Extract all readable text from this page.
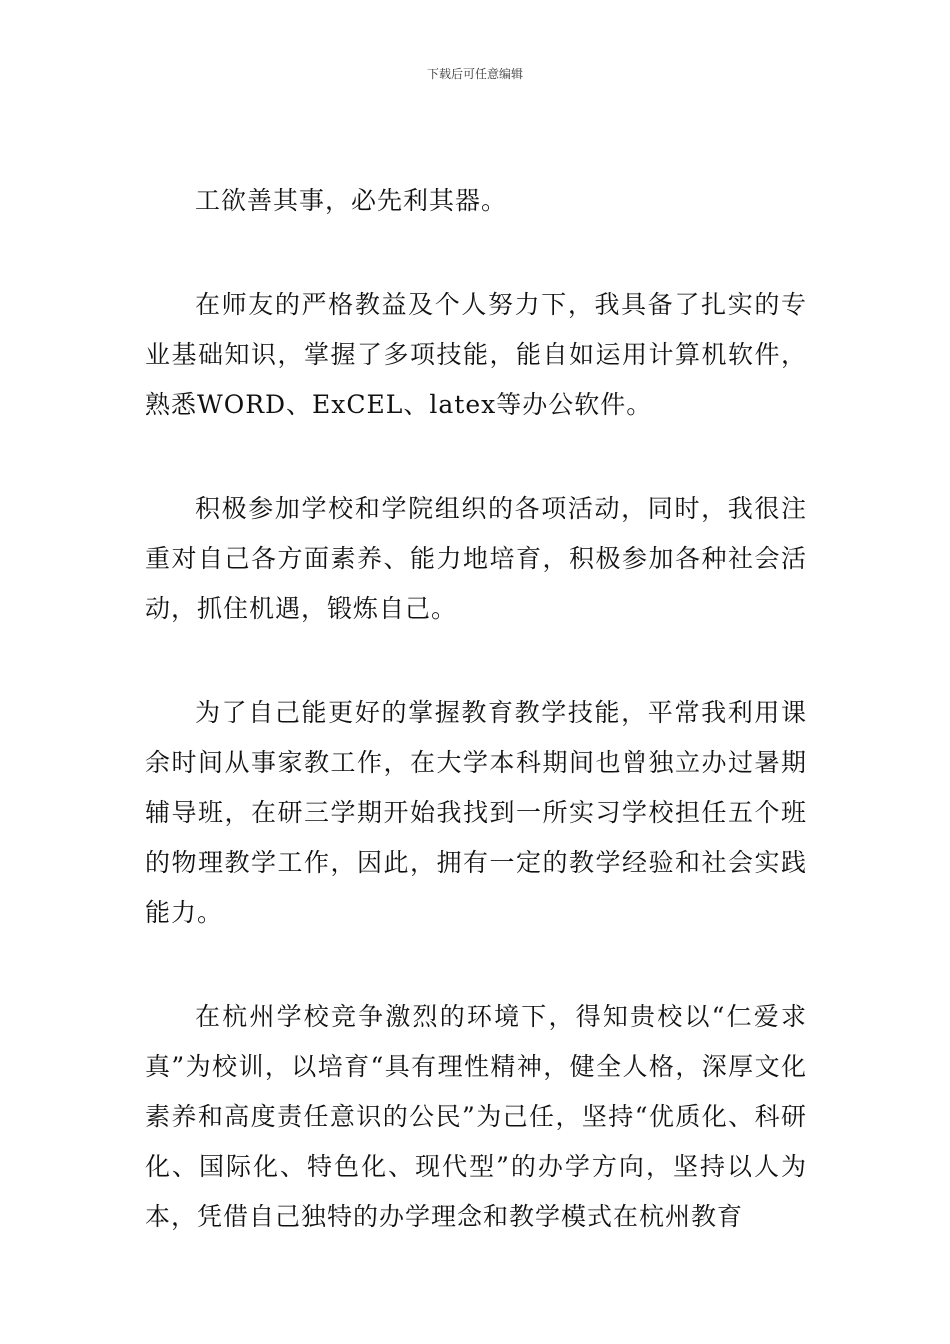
下载后可任意编辑

工欲善其事，必先利其器。

在师友的严格教益及个人努力下，我具备了扎实的专业基础知识，掌握了多项技能，能自如运用计算机软件，熟悉WORD、ExCEL、latex等办公软件。

积极参加学校和学院组织的各项活动，同时，我很注重对自己各方面素养、能力地培育，积极参加各种社会活动，抓住机遇，锻炼自己。

为了自己能更好的掌握教育教学技能，平常我利用课余时间从事家教工作，在大学本科期间也曾独立办过暑期辅导班，在研三学期开始我找到一所实习学校担任五个班的物理教学工作，因此，拥有一定的教学经验和社会实践能力。

在杭州学校竞争激烈的环境下，得知贵校以“仁爱求真”为校训，以培育“具有理性精神，健全人格，深厚文化素养和高度责任意识的公民”为己任，坚持“优质化、科研化、国际化、特色化、现代型”的办学方向，坚持以人为本，凭借自己独特的办学理念和教学模式在杭州教育
